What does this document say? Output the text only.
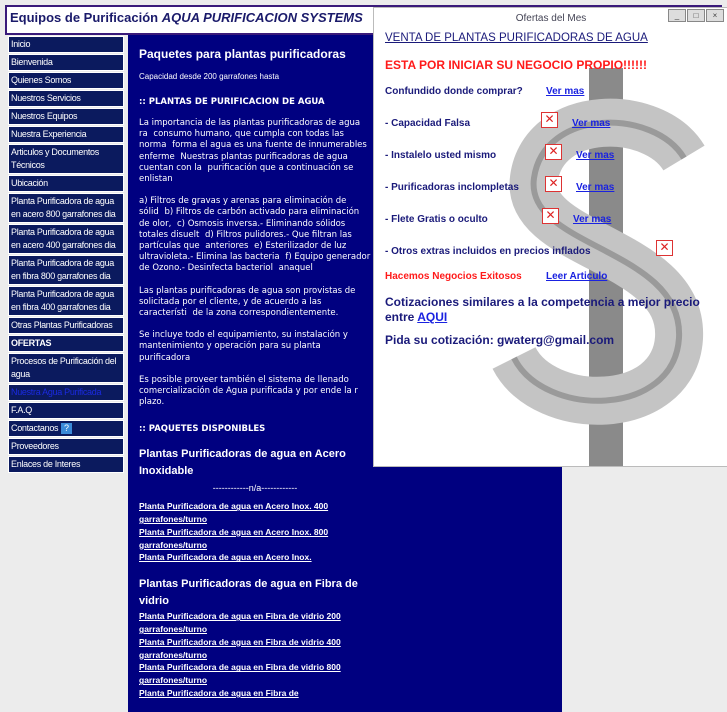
Equipos de Purificación AQUA PURIFICACION SYSTEMS
Inicio
Bienvenida
Quienes Somos
Nuestros Servicios
Nuestros Equipos
Nuestra Experiencia
Articulos y Documentos Técnicos
Ubicación
Planta Purificadora de agua en acero 800 garrafones dia
Planta Purificadora de agua en acero 400 garrafones dia
Planta Purificadora de agua en fibra 800 garrafones dia
Planta Purificadora de agua en fibra 400 garrafones dia
Otras Plantas Purificadoras
OFERTAS
Procesos de Purificación del agua
Nuestra Agua Purificada
F.A.Q
Contactanos
Proveedores
Enlaces de Interes
?
Paquetes para plantas purificadoras
Capacidad desde 200 garrafones hasta
:: PLANTAS DE PURIFICACION DE AGUA

La importancia de las plantas purificadoras de agua ra consumo humano, que cumpla con todas las norma forma el agua es una fuente de innumerables enferme Nuestras plantas purificadoras de agua cuentan con la purificación que a continuación se enlistan

a) Filtros de gravas y arenas para eliminación de sólid b) Filtros de carbón activado para eliminación de olor, c) Osmosis inversa.- Eliminando sólidos totales disuelt d) Filtros pulidores.- Que filtran las partículas que anteriores e) Esterilizador de luz ultravioleta.- Elimina las bacteria f) Equipo generador de Ozono.- Desinfecta bacteriol anaquel

Las plantas purificadoras de agua son provistas de solicitada por el cliente, y de acuerdo a las característi de la zona correspondientemente.

Se incluye todo el equipamiento, su instalación y mantenimiento y operación para su planta purificadora

Es posible proveer también el sistema de llenado comercialización de Agua purificada y por ende la r plazo.

:: PAQUETES DISPONIBLES
Plantas Purificadoras de agua en Acero Inoxidable
------------n/a------------
Planta Purificadora de agua en Acero Inox. 400 garrafones/turno
Planta Purificadora de agua en Acero Inox. 800 garrafones/turno
Planta Purificadora de agua en Acero Inox.
Plantas Purificadoras de agua en Fibra de vidrio
Planta Purificadora de agua en Fibra de vidrio 200 garrafones/turno
Planta Purificadora de agua en Fibra de vidrio 400 garrafones/turno
Planta Purificadora de agua en Fibra de vidrio 800 garrafones/turno
Planta Purificadora de agua en Fibra de
Ofertas del Mes	_	□	×
VENTA DE PLANTAS PURIFICADORAS DE AGUA
ESTA POR INICIAR SU NEGOCIO PROPIO!!!!!!
Confundido donde comprar? Ver mas
- Capacidad Falsa	✕	Ver mas
- Instalelo usted mismo	✕	Ver mas
- Purificadoras inclompletas ✕	Ver mas
- Flete Gratis o oculto	✕	Ver mas
- Otros extras incluidos en precios inflados	✕
Hacemos Negocios Exitosos Leer Articulo
Cotizaciones similares a la competencia a mejor precio
entre AQUI
Pida su cotización: gwaterg@gmail.com
